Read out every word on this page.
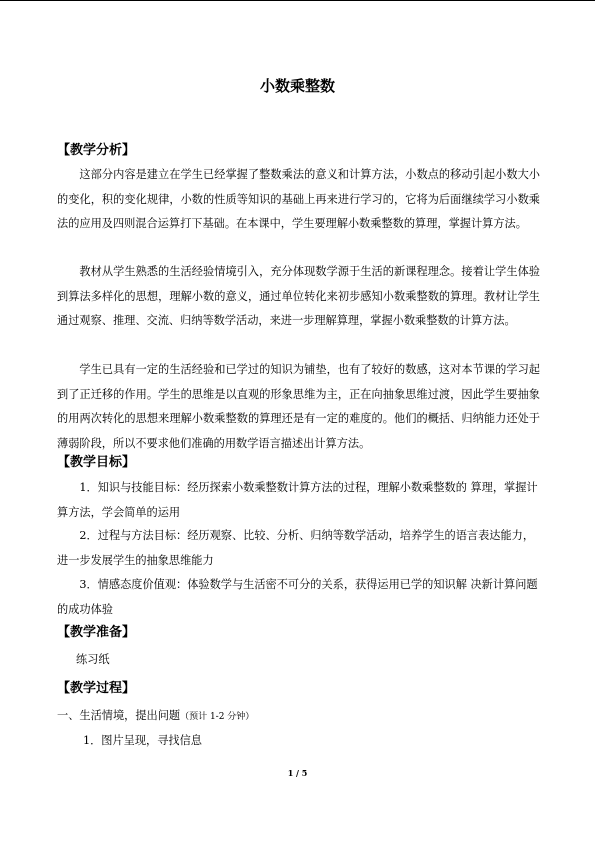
小数乘整数
【教学分析】

这部分内容是建立在学生已经掌握了整数乘法的意义和计算方法，小数点的移动引起小数大小的变化，积的变化规律，小数的性质等知识的基础上再来进行学习的，它将为后面继续学习小数乘法的应用及四则混合运算打下基础。在本课中，学生要理解小数乘整数的算理，掌握计算方法。

教材从学生熟悉的生活经验情境引入，充分体现数学源于生活的新课程理念。接着让学生体验到算法多样化的思想，理解小数的意义，通过单位转化来初步感知小数乘整数的算理。教材让学生通过观察、推理、交流、归纳等数学活动，来进一步理解算理，掌握小数乘整数的计算方法。

学生已具有一定的生活经验和已学过的知识为铺垫，也有了较好的数感，这对本节课的学习起到了正迁移的作用。学生的思维是以直观的形象思维为主，正在向抽象思维过渡，因此学生要抽象的用两次转化的思想来理解小数乘整数的算理还是有一定的难度的。他们的概括、归纳能力还处于薄弱阶段，所以不要求他们准确的用数学语言描述出计算方法。

【教学目标】

1．知识与技能目标：经历探索小数乘整数计算方法的过程，理解小数乘整数的 算理，掌握计算方法，学会简单的运用

2．过程与方法目标：经历观察、比较、分析、归纳等数学活动，培养学生的语言表达能力，进一步发展学生的抽象思维能力

3．情感态度价值观：体验数学与生活密不可分的关系，获得运用已学的知识解 决新计算问题的成功体验

【教学准备】
练习纸
【教学过程】
一、生活情境，提出问题（预计 1-2 分钟）
1．图片呈现，寻找信息
1 / 5
